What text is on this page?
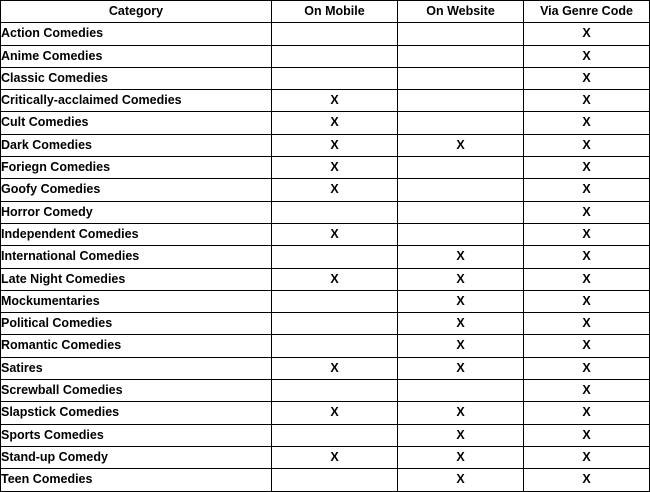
Category	On Mobile	On Website	Via Genre Code
Action Comedies			X
Anime Comedies			X
Classic Comedies			X
Critically-acclaimed Comedies	X		X
Cult Comedies	X		X
Dark Comedies	X	X	X
Foriegn Comedies	X		X
Goofy Comedies	X		X
Horror Comedy			X
Independent Comedies	X		X
International Comedies		X	X
Late Night Comedies	X	X	X
Mockumentaries		X	X
Political Comedies		X	X
Romantic Comedies		X	X
Satires	X	X	X
Screwball Comedies			X
Slapstick Comedies	X	X	X
Sports Comedies		X	X
Stand-up Comedy	X	X	X
Teen Comedies		X	X
